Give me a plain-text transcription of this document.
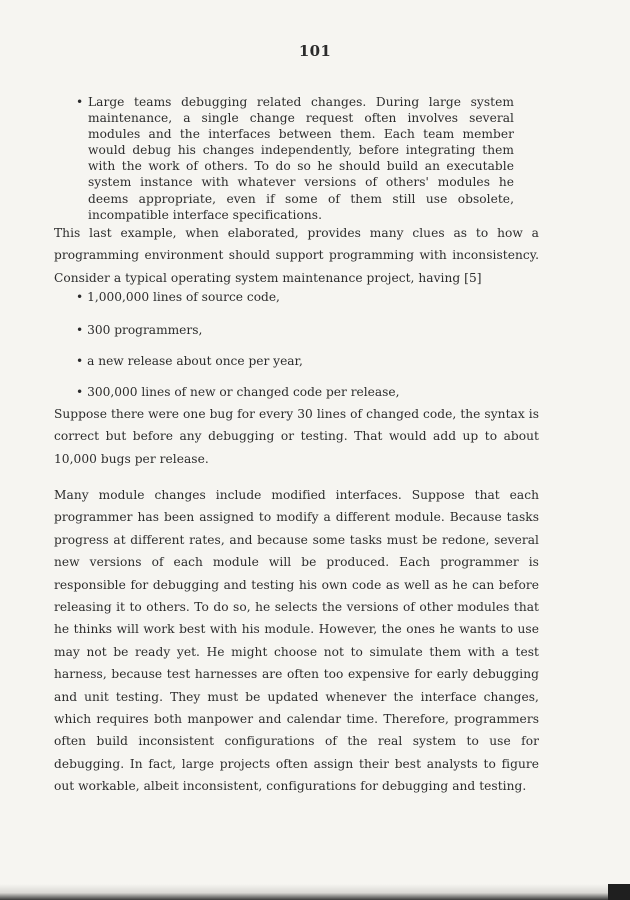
101
• Large teams debugging related changes. During large system maintenance, a single change request often involves several modules and the interfaces between them. Each team member would debug his changes independently, before integrating them with the work of others. To do so he should build an executable system instance with whatever versions of others' modules he deems appropriate, even if some of them still use obsolete, incompatible interface specifications.
This last example, when elaborated, provides many clues as to how a programming environment should support programming with inconsistency. Consider a typical operating system maintenance project, having [5]
• 1,000,000 lines of source code,
• 300 programmers,
• a new release about once per year,
• 300,000 lines of new or changed code per release,
Suppose there were one bug for every 30 lines of changed code, the syntax is correct but before any debugging or testing. That would add up to about 10,000 bugs per release.
Many module changes include modified interfaces. Suppose that each programmer has been assigned to modify a different module. Because tasks progress at different rates, and because some tasks must be redone, several new versions of each module will be produced. Each programmer is responsible for debugging and testing his own code as well as he can before releasing it to others. To do so, he selects the versions of other modules that he thinks will work best with his module. However, the ones he wants to use may not be ready yet. He might choose not to simulate them with a test harness, because test harnesses are often too expensive for early debugging and unit testing. They must be updated whenever the interface changes, which requires both manpower and calendar time. Therefore, programmers often build inconsistent configurations of the real system to use for debugging. In fact, large projects often assign their best analysts to figure out workable, albeit inconsistent, configurations for debugging and testing.
